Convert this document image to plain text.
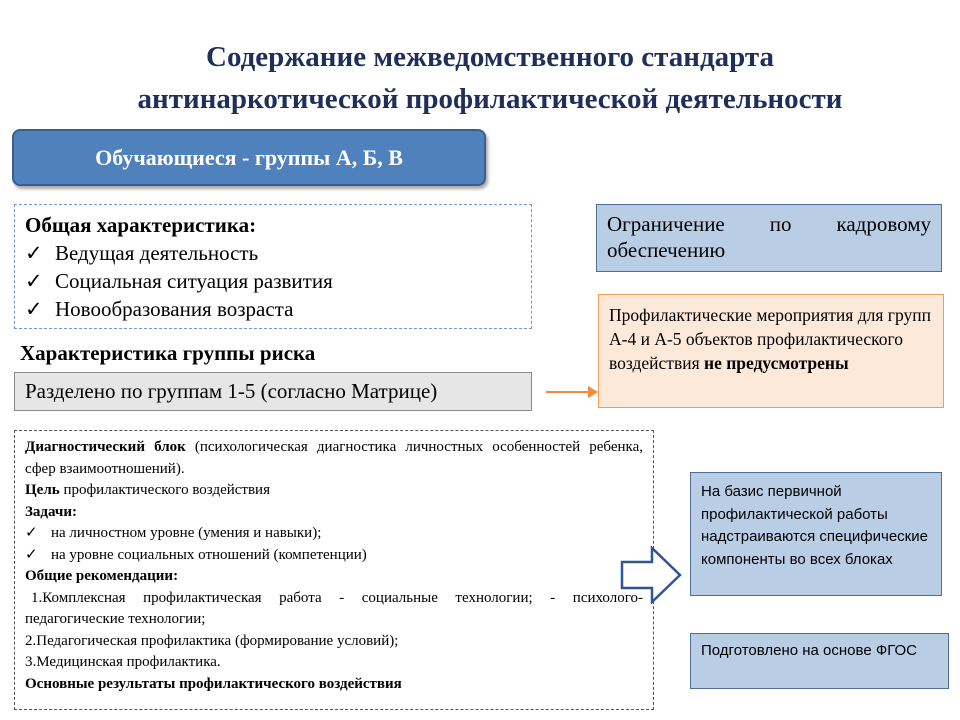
Содержание межведомственного стандарта
антинаркотической профилактической деятельности
Обучающиеся - группы А, Б, В
Общая характеристика:
✓ Ведущая деятельность
✓ Социальная ситуация развития
✓ Новообразования возраста
Характеристика группы риска
Разделено по группам 1-5 (согласно Матрице)
Ограничение по кадровому
обеспечению
Профилактические мероприятия для групп А-4 и А-5 объектов профилактического воздействия не предусмотрены
Диагностический блок (психологическая диагностика личностных особенностей ребенка, сфер взаимоотношений).
Цель профилактического воздействия
Задачи:
✓ на личностном уровне (умения и навыки);
✓ на уровне социальных отношений (компетенции)
Общие рекомендации:
1.Комплексная профилактическая работа - социальные технологии; - психолого-педагогические технологии;
2.Педагогическая профилактика (формирование условий);
3.Медицинская профилактика.
Основные результаты профилактического воздействия
На базис первичной профилактической работы надстраиваются специфические компоненты во всех блоках
Подготовлено на основе ФГОС
